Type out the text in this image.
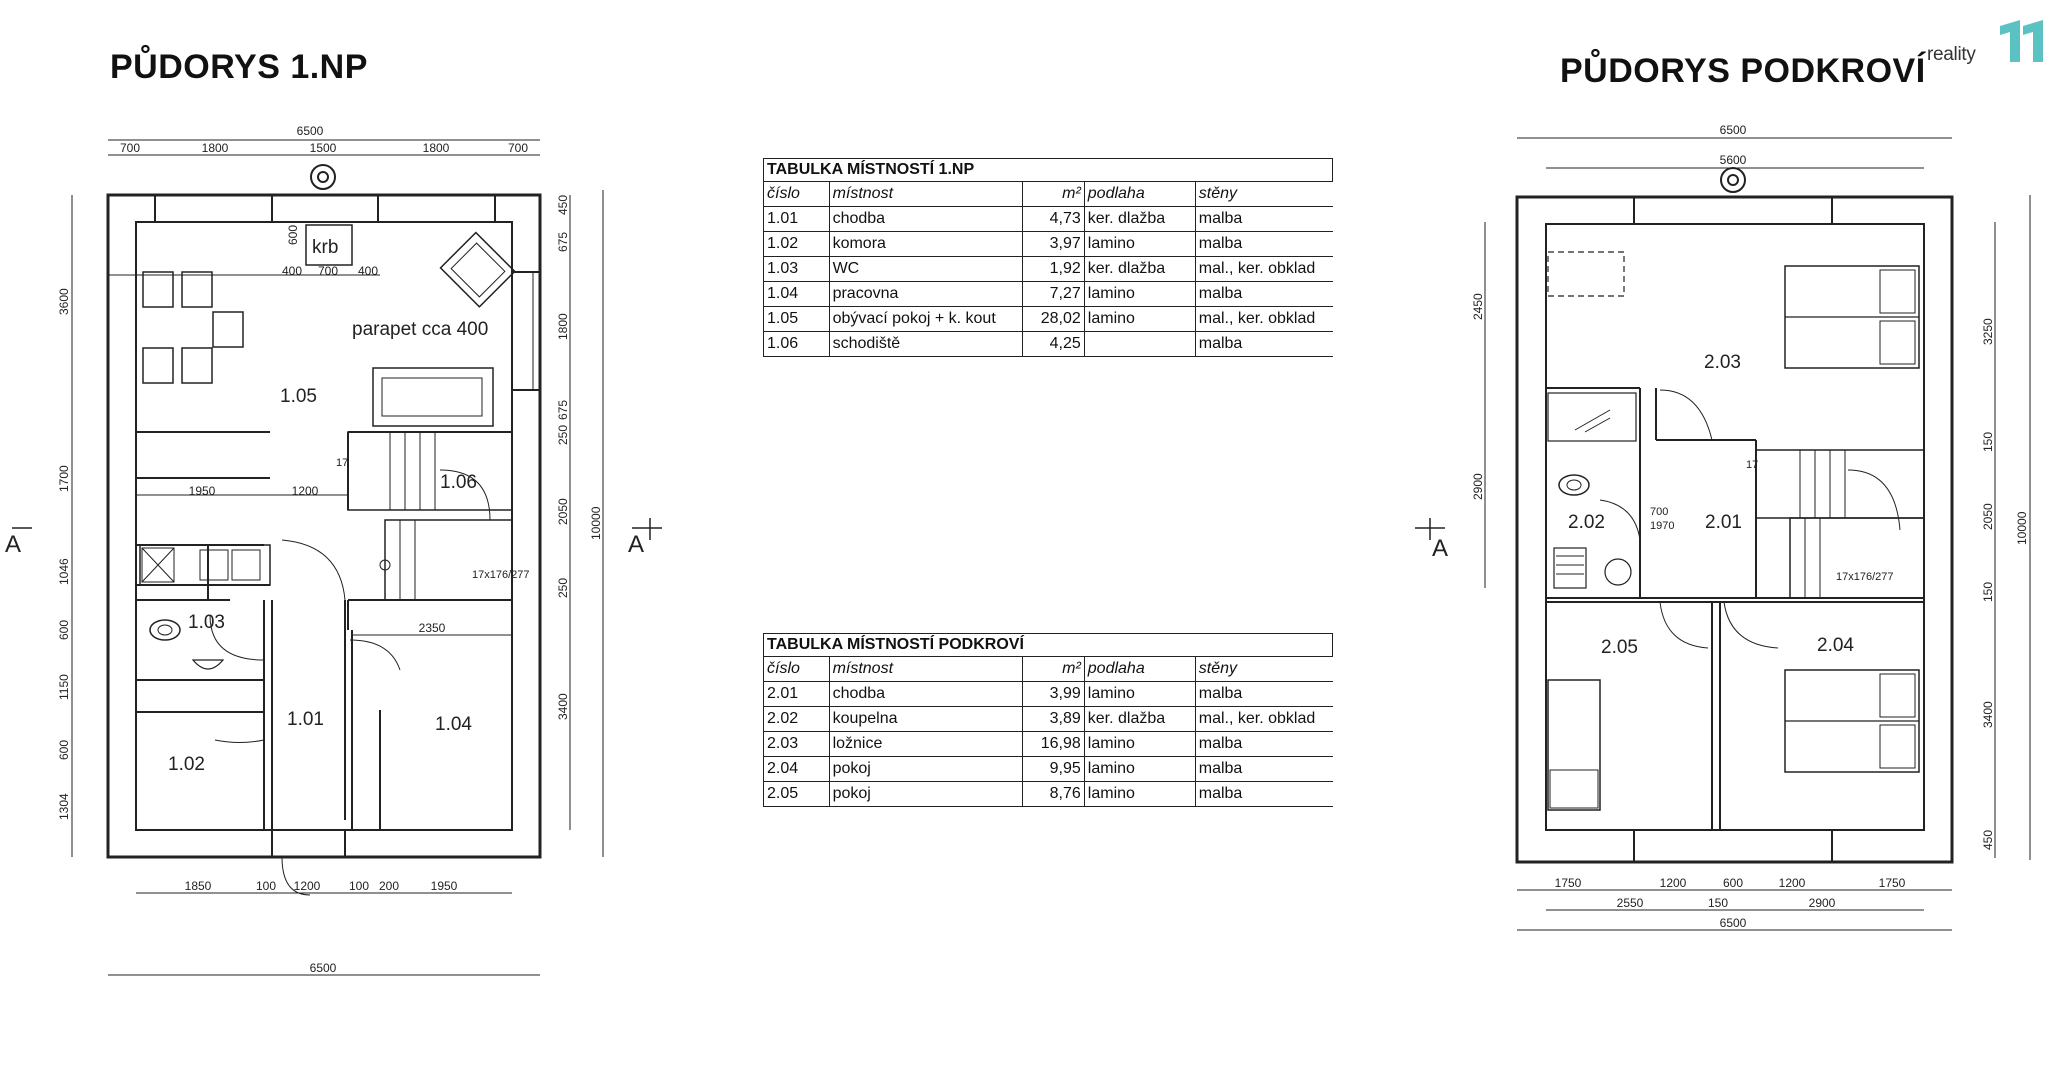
PŮDORYS 1.NP	PŮDORYS PODKROVÍ reality
6500
700	1800	1500	1800	700
600
400 700 400
1950	1200
2350
1850	100 1200 100 200	1950
6500
3600
1700
1046
600
1150
600
1304
450
675
1800
675
250
2050
250
3400
10000
17x176/277
17
krb
parapet cca 400
1.05
1.06
1.03
1.01
1.02
1.04
A	A
6500
5600
1750	1200	600	1200	1750
2550	150	2900
6500
2450
2900
3250
150
2050
150
3400
450
10000
700
1970
17x176/277
17
2.03
2.02	2.01
2.05	2.04
A
TABULKA MÍSTNOSTÍ 1.NP
číslo	místnost	m²	podlaha	stěny
1.01	chodba	4,73	ker. dlažba	malba
1.02	komora	3,97	lamino	malba
1.03	WC	1,92	ker. dlažba	mal., ker. obklad
1.04	pracovna	7,27	lamino	malba
1.05	obývací pokoj + k. kout	28,02	lamino	mal., ker. obklad
1.06	schodiště	4,25		malba
TABULKA MÍSTNOSTÍ PODKROVÍ
číslo	místnost	m²	podlaha	stěny
2.01	chodba	3,99	lamino	malba
2.02	koupelna	3,89	ker. dlažba	mal., ker. obklad
2.03	ložnice	16,98	lamino	malba
2.04	pokoj	9,95	lamino	malba
2.05	pokoj	8,76	lamino	malba
